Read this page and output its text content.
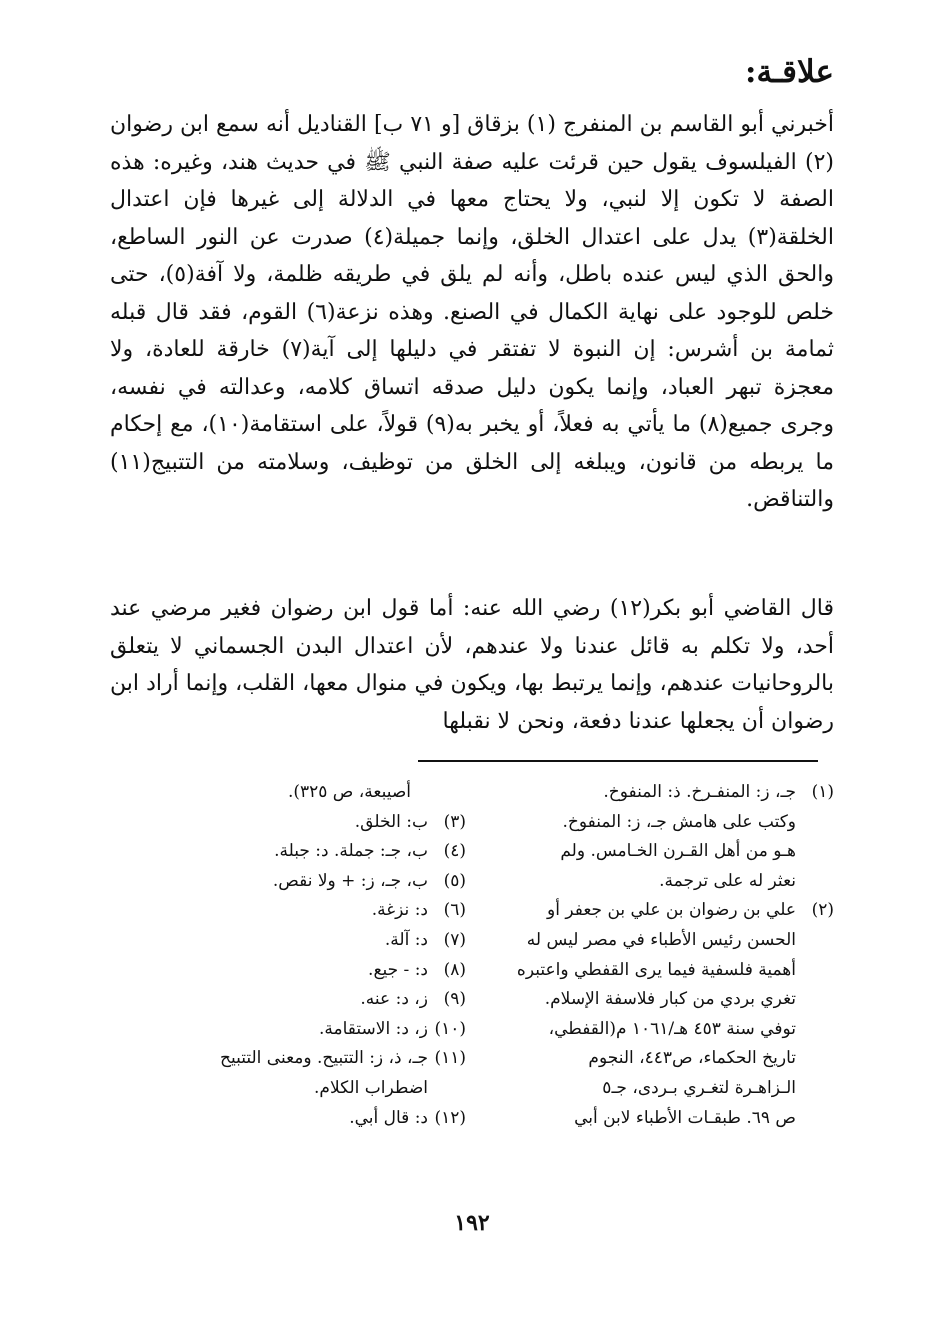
علاقـة:

أخبرني أبو القاسم بن المنفرج (١) بزقاق [و ٧١ ب] القناديل أنه سمع ابن رضوان (٢) الفيلسوف يقول حين قرئت عليه صفة النبي ﷺ في حديث هند، وغيره: هذه الصفة لا تكون إلا لنبي، ولا يحتاج معها في الدلالة إلى غيرها فإن اعتدال الخلقة(٣) يدل على اعتدال الخلق، وإنما جميلة(٤) صدرت عن النور الساطع، والحق الذي ليس عنده باطل، وأنه لم يلق في طريقه ظلمة، ولا آفة(٥)، حتى خلص للوجود على نهاية الكمال في الصنع. وهذه نزعة(٦) القوم، فقد قال قبله ثمامة بن أشرس: إن النبوة لا تفتقر في دليلها إلى آية(٧) خارقة للعادة، ولا معجزة تبهر العباد، وإنما يكون دليل صدقه اتساق كلامه، وعدالته في نفسه، وجرى جميع(٨) ما يأتي به فعلاً، أو يخبر به(٩) قولاً، على استقامة(١٠)، مع إحكام ما يربطه من قانون، ويبلغه إلى الخلق من توظيف، وسلامته من التتبيج(١١) والتناقض.

قال القاضي أبو بكر(١٢) رضي الله عنه: أما قول ابن رضوان فغير مرضي عند أحد، ولا تكلم به قائل عندنا ولا عندهم، لأن اعتدال البدن الجسماني لا يتعلق بالروحانيات عندهم، وإنما يرتبط بها، ويكون في منوال معها، القلب، وإنما أراد ابن رضوان أن يجعلها عندنا دفعة، ونحن لا نقبلها

(١)
جـ، ز: المنفـرخ. ذ: المنفوخ.
وكتب على هامش جـ، ز: المنفوخ.
هـو من أهل القـرن الخـامس. ولم
نعثر له على ترجمة.
(٢)
علي بن رضوان بن علي بن جعفر أو
الحسن رئيس الأطباء في مصر ليس له
أهمية فلسفية فيما يرى القفطي واعتبره
تغري بردي من كبار فلاسفة الإسلام.
توفي سنة ٤٥٣ هـ/١٠٦١ م(القفطي،
تاريخ الحكماء، ص٤٤٣، النجوم
الـزاهـرة لتغـري بـردى، جـ٥
ص ٦٩. طبقـات الأطباء لابن أبي
أصيبعة، ص ٣٢٥).
(٣)
ب: الخلق.
(٤)
ب، جـ: جملة. د: جبلة.
(٥)
ب، جـ، ز: + ولا نقص.
(٦)
د: نزغة.
(٧)
د: آلة.
(٨)
د: - جيع.
(٩)
ز، د: عنه.
(١٠)
ز، د: الاستقامة.
(١١)
جـ، ذ، ز: التتبيح. ومعنى التتبيح
اضطراب الكلام.
(١٢)
د: قال أبي.
١٩٢
